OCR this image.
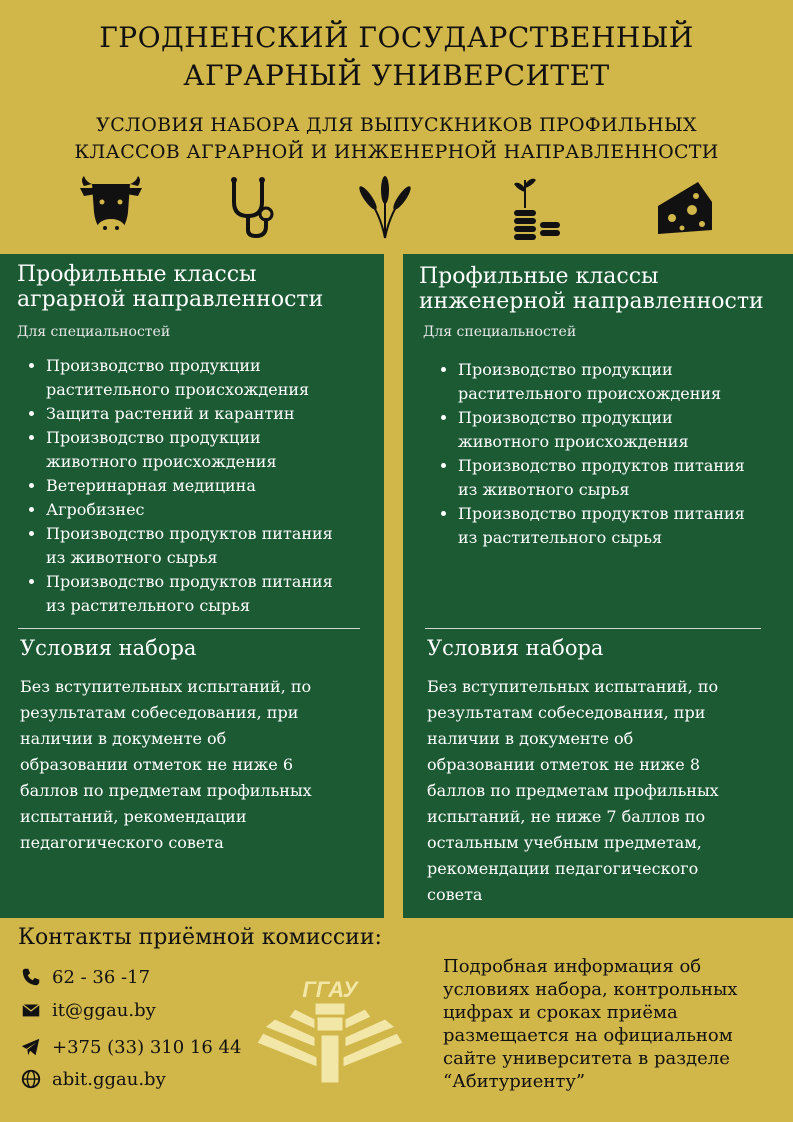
ГРОДНЕНСКИЙ ГОСУДАРСТВЕННЫЙ
АГРАРНЫЙ УНИВЕРСИТЕТ
УСЛОВИЯ НАБОРА ДЛЯ ВЫПУСКНИКОВ ПРОФИЛЬНЫХ
КЛАССОВ АГРАРНОЙ И ИНЖЕНЕРНОЙ НАПРАВЛЕННОСТИ
Профильные классы
аграрной направленности
Для специальностей
• Производство продукции
растительного происхождения
• Защита растений и карантин
• Производство продукции
животного происхождения
• Ветеринарная медицина
• Агробизнес
• Производство продуктов питания
из животного сырья
• Производство продуктов питания
из растительного сырья
Условия набора
Без вступительных испытаний, по
результатам собеседования, при
наличии в документе об
образовании отметок не ниже 6
баллов по предметам профильных
испытаний, рекомендации
педагогического совета
Профильные классы
инженерной направленности
Для специальностей
• Производство продукции
растительного происхождения
• Производство продукции
животного происхождения
• Производство продуктов питания
из животного сырья
• Производство продуктов питания
из растительного сырья
Условия набора
Без вступительных испытаний, по
результатам собеседования, при
наличии в документе об
образовании отметок не ниже 8
баллов по предметам профильных
испытаний, не ниже 7 баллов по
остальным учебным предметам,
рекомендации педагогического
совета
Контакты приёмной комиссии:
62 - 36 -17
it@ggau.by
+375 (33) 310 16 44
abit.ggau.by
ГГАУ
Подробная информация об
условиях набора, контрольных
цифрах и сроках приёма
размещается на официальном
сайте университета в разделе
“Абитуриенту”
